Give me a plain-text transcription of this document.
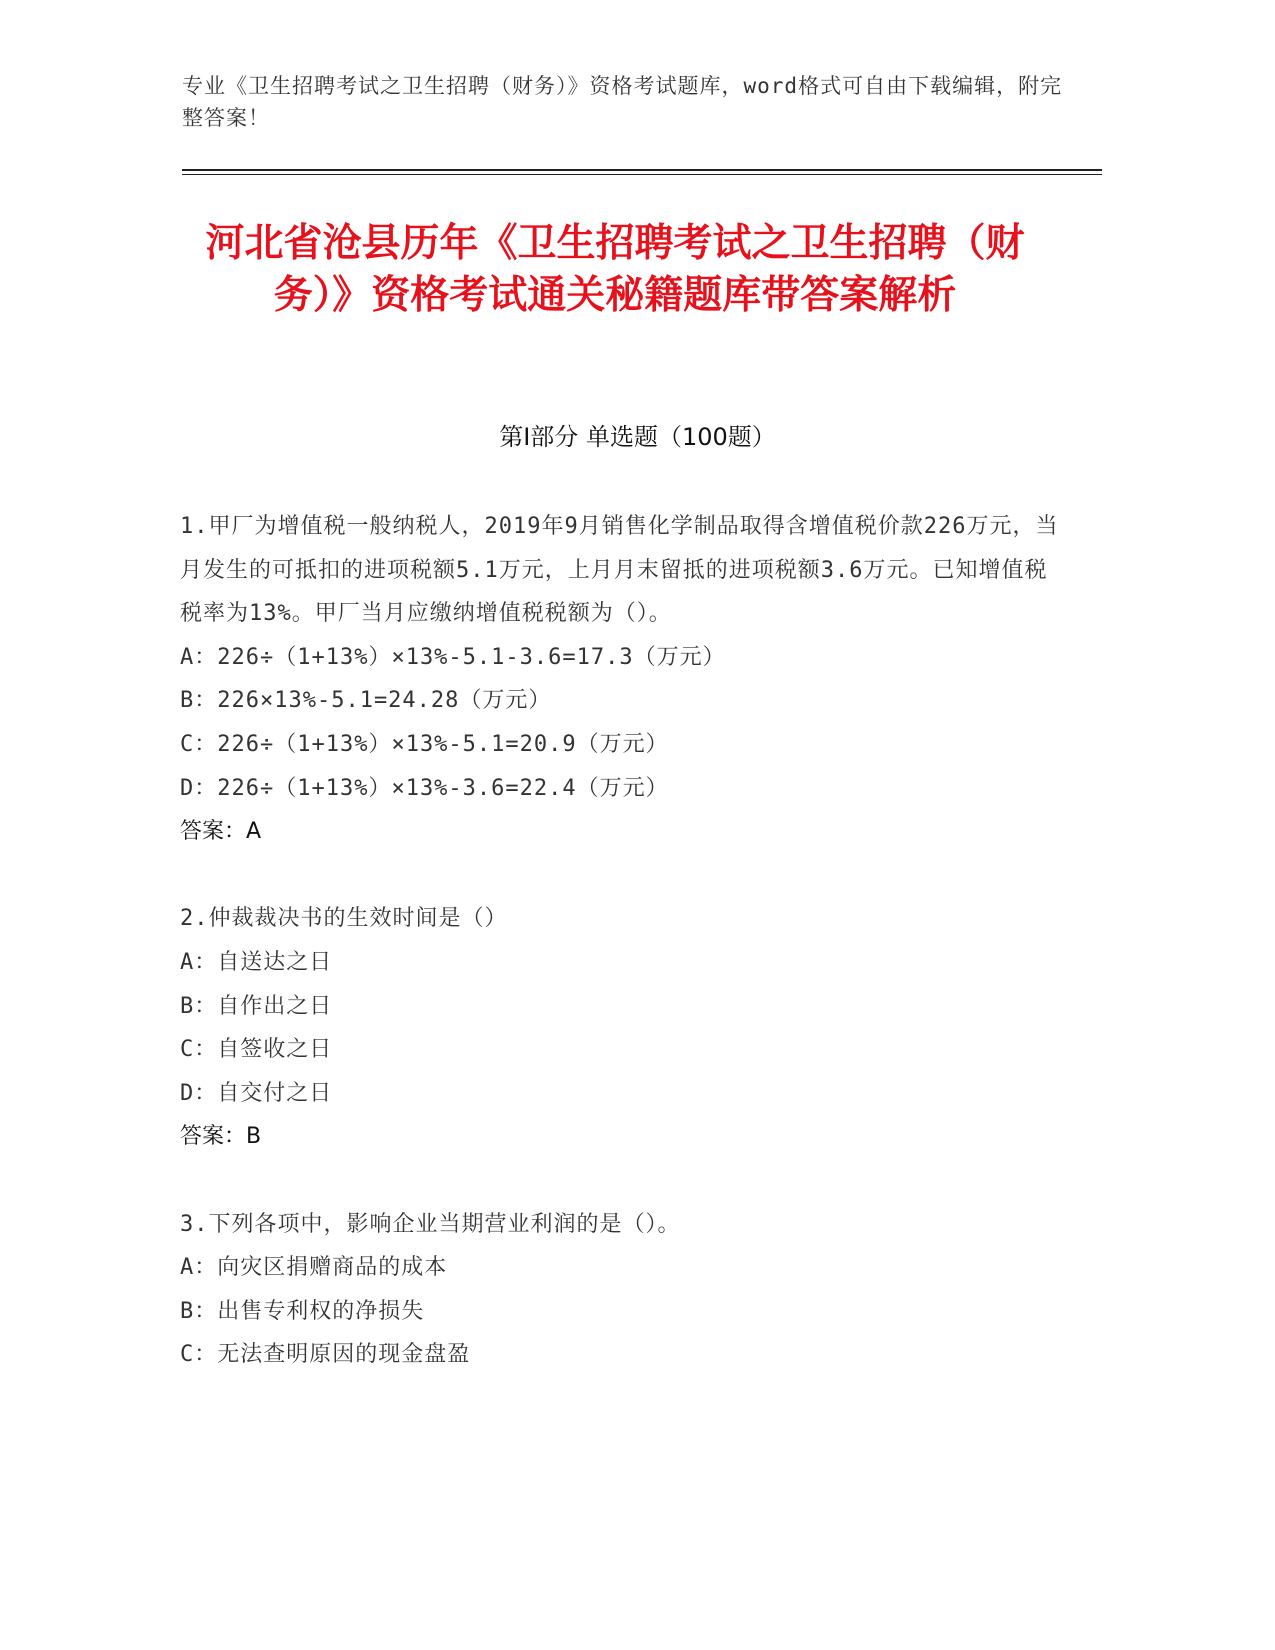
专业《卫生招聘考试之卫生招聘（财务）》资格考试题库，word格式可自由下载编辑，附完整答案！
河北省沧县历年《卫生招聘考试之卫生招聘（财务）》资格考试通关秘籍题库带答案解析
第Ⅰ部分 单选题（100题）

1.甲厂为增值税一般纳税人，2019年9月销售化学制品取得含增值税价款226万元，当月发生的可抵扣的进项税额5.1万元，上月月末留抵的进项税额3.6万元。已知增值税税率为13%。甲厂当月应缴纳增值税税额为（）。

A：226÷（1+13%）×13%-5.1-3.6=17.3（万元）

B：226×13%-5.1=24.28（万元）

C：226÷（1+13%）×13%-5.1=20.9（万元）

D：226÷（1+13%）×13%-3.6=22.4（万元）

答案：A

2.仲裁裁决书的生效时间是（）

A：自送达之日

B：自作出之日

C：自签收之日

D：自交付之日

答案：B

3.下列各项中，影响企业当期营业利润的是（）。

A：向灾区捐赠商品的成本

B：出售专利权的净损失

C：无法查明原因的现金盘盈
